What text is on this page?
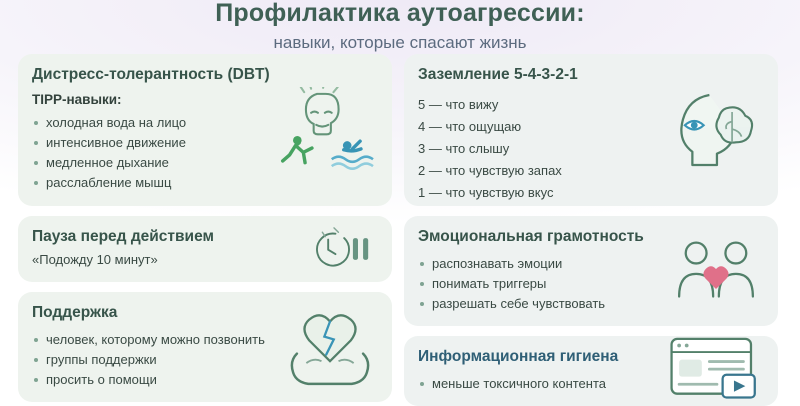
Профилактика аутоагрессии:

навыки, которые спасают жизнь

Дистресс-толерантность (DBT)

TIPP-навыки:

холодная вода на лицо
интенсивное движение
медленное дыхание
расслабление мышц
Пауза перед действием

«Подожду 10 минут»

Поддержка
человек, которому можно позвонить
группы поддержки
просить о помощи
Заземление 5-4-3-2-1
5 — что вижу
4 — что ощущаю
3 — что слышу
2 — что чувствую запах
1 — что чувствую вкус
Эмоциональная грамотность
распознавать эмоции
понимать триггеры
разрешать себе чувствовать
Информационная гигиена
меньше токсичного контента
